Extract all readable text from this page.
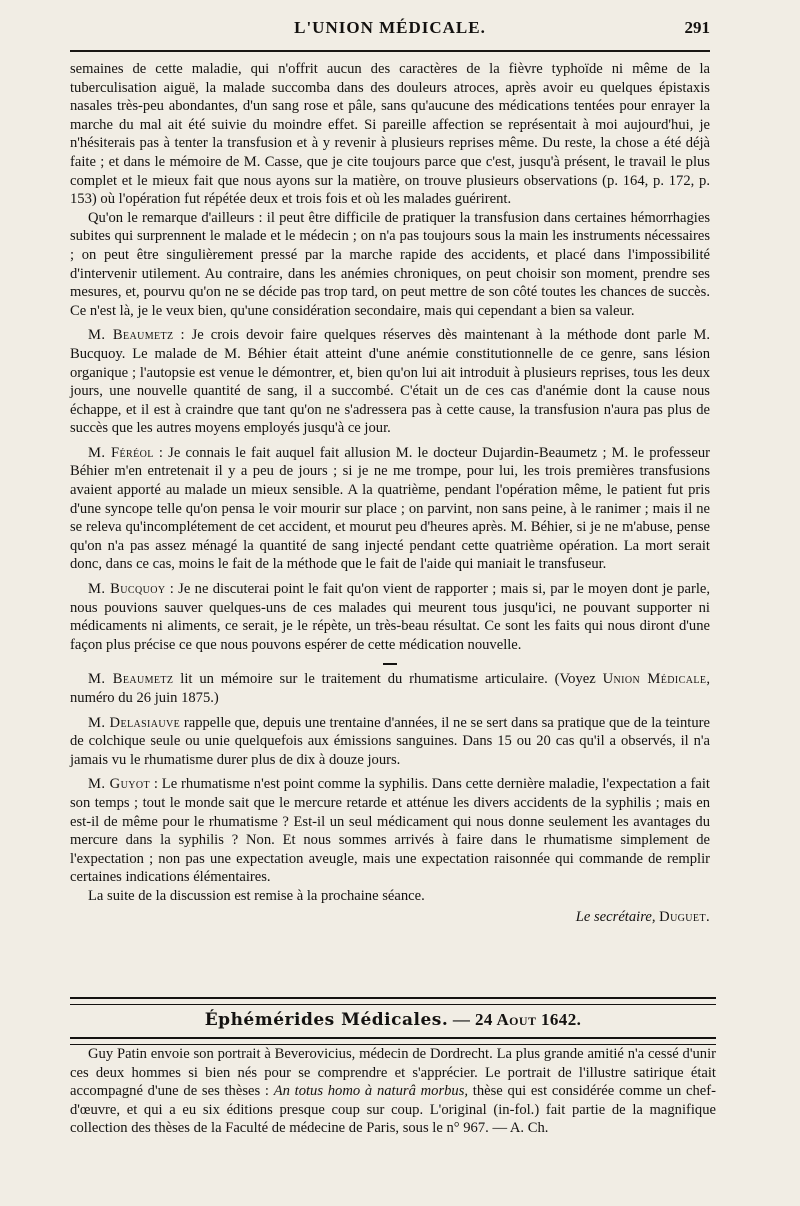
L'UNION MÉDICALE.	291

semaines de cette maladie, qui n'offrit aucun des caractères de la fièvre typhoïde ni même de la tuberculisation aiguë, la malade succomba dans des douleurs atroces, après avoir eu quelques épistaxis nasales très-peu abondantes, d'un sang rose et pâle, sans qu'aucune des médications tentées pour enrayer la marche du mal ait été suivie du moindre effet. Si pareille affection se représentait à moi aujourd'hui, je n'hésiterais pas à tenter la transfusion et à y revenir à plusieurs reprises même. Du reste, la chose a été déjà faite ; et dans le mémoire de M. Casse, que je cite toujours parce que c'est, jusqu'à présent, le travail le plus complet et le mieux fait que nous ayons sur la matière, on trouve plusieurs observations (p. 164, p. 172, p. 153) où l'opération fut répétée deux et trois fois et où les malades guérirent.

Qu'on le remarque d'ailleurs : il peut être difficile de pratiquer la transfusion dans certaines hémorrhagies subites qui surprennent le malade et le médecin ; on n'a pas toujours sous la main les instruments nécessaires ; on peut être singulièrement pressé par la marche rapide des accidents, et placé dans l'impossibilité d'intervenir utilement. Au contraire, dans les anémies chroniques, on peut choisir son moment, prendre ses mesures, et, pourvu qu'on ne se décide pas trop tard, on peut mettre de son côté toutes les chances de succès. Ce n'est là, je le veux bien, qu'une considération secondaire, mais qui cependant a bien sa valeur.

M. Beaumetz : Je crois devoir faire quelques réserves dès maintenant à la méthode dont parle M. Bucquoy. Le malade de M. Béhier était atteint d'une anémie constitutionnelle de ce genre, sans lésion organique ; l'autopsie est venue le démontrer, et, bien qu'on lui ait introduit à plusieurs reprises, tous les deux jours, une nouvelle quantité de sang, il a succombé. C'était un de ces cas d'anémie dont la cause nous échappe, et il est à craindre que tant qu'on ne s'adressera pas à cette cause, la transfusion n'aura pas plus de succès que les autres moyens employés jusqu'à ce jour.

M. Féréol : Je connais le fait auquel fait allusion M. le docteur Dujardin-Beaumetz ; M. le professeur Béhier m'en entretenait il y a peu de jours ; si je ne me trompe, pour lui, les trois premières transfusions avaient apporté au malade un mieux sensible. A la quatrième, pendant l'opération même, le patient fut pris d'une syncope telle qu'on pensa le voir mourir sur place ; on parvint, non sans peine, à le ranimer ; mais il ne se releva qu'incomplétement de cet accident, et mourut peu d'heures après. M. Béhier, si je ne m'abuse, pense qu'on n'a pas assez ménagé la quantité de sang injecté pendant cette quatrième opération. La mort serait donc, dans ce cas, moins le fait de la méthode que le fait de l'aide qui maniait le transfuseur.

M. Bucquoy : Je ne discuterai point le fait qu'on vient de rapporter ; mais si, par le moyen dont je parle, nous pouvions sauver quelques-uns de ces malades qui meurent tous jusqu'ici, ne pouvant supporter ni médicaments ni aliments, ce serait, je le répète, un très-beau résultat. Ce sont les faits qui nous diront d'une façon plus précise ce que nous pouvons espérer de cette médication nouvelle.

M. Beaumetz lit un mémoire sur le traitement du rhumatisme articulaire. (Voyez Union Médicale, numéro du 26 juin 1875.)

M. Delasiauve rappelle que, depuis une trentaine d'années, il ne se sert dans sa pratique que de la teinture de colchique seule ou unie quelquefois aux émissions sanguines. Dans 15 ou 20 cas qu'il a observés, il n'a jamais vu le rhumatisme durer plus de dix à douze jours.

M. Guyot : Le rhumatisme n'est point comme la syphilis. Dans cette dernière maladie, l'expectation a fait son temps ; tout le monde sait que le mercure retarde et atténue les divers accidents de la syphilis ; mais en est-il de même pour le rhumatisme ? Est-il un seul médicament qui nous donne seulement les avantages du mercure dans la syphilis ? Non. Et nous sommes arrivés à faire dans le rhumatisme simplement de l'expectation ; non pas une expectation aveugle, mais une expectation raisonnée qui commande de remplir certaines indications élémentaires.

La suite de la discussion est remise à la prochaine séance.

Le secrétaire, Duguet.
Éphémérides Médicales. — 24 Aout 1642.

Guy Patin envoie son portrait à Beverovicius, médecin de Dordrecht. La plus grande amitié n'a cessé d'unir ces deux hommes si bien nés pour se comprendre et s'apprécier. Le portrait de l'illustre satirique était accompagné d'une de ses thèses : An totus homo à naturâ morbus, thèse qui est considérée comme un chef-d'œuvre, et qui a eu six éditions presque coup sur coup. L'original (in-fol.) fait partie de la magnifique collection des thèses de la Faculté de médecine de Paris, sous le n° 967. — A. Ch.
